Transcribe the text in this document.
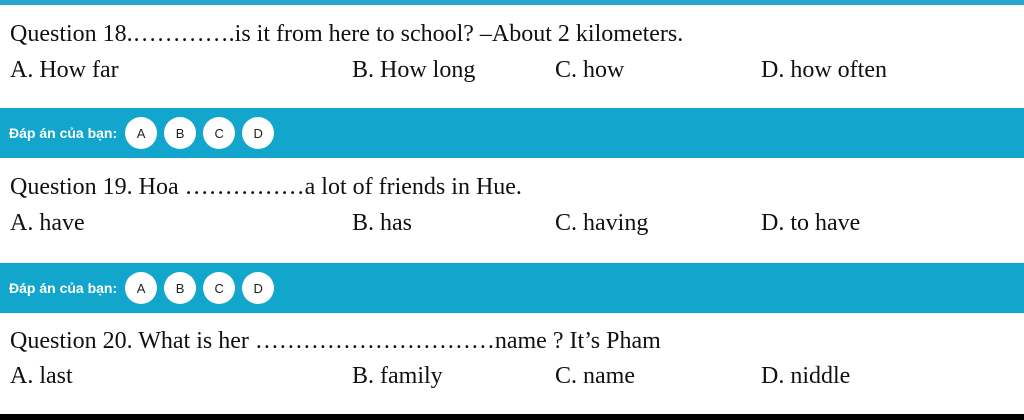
Question 18.………….is it from here to school? –About 2 kilometers.
A. How far	B. How long	C. how	D. how often
Đáp án của bạn:	A	B	C	D
Question 19. Hoa ……………a lot of friends in Hue.
A. have	B. has	C. having	D. to have
Đáp án của bạn:	A	B	C	D
Question 20. What is her …………………………name ? It’s Pham
A. last	B. family	C. name	D. niddle
